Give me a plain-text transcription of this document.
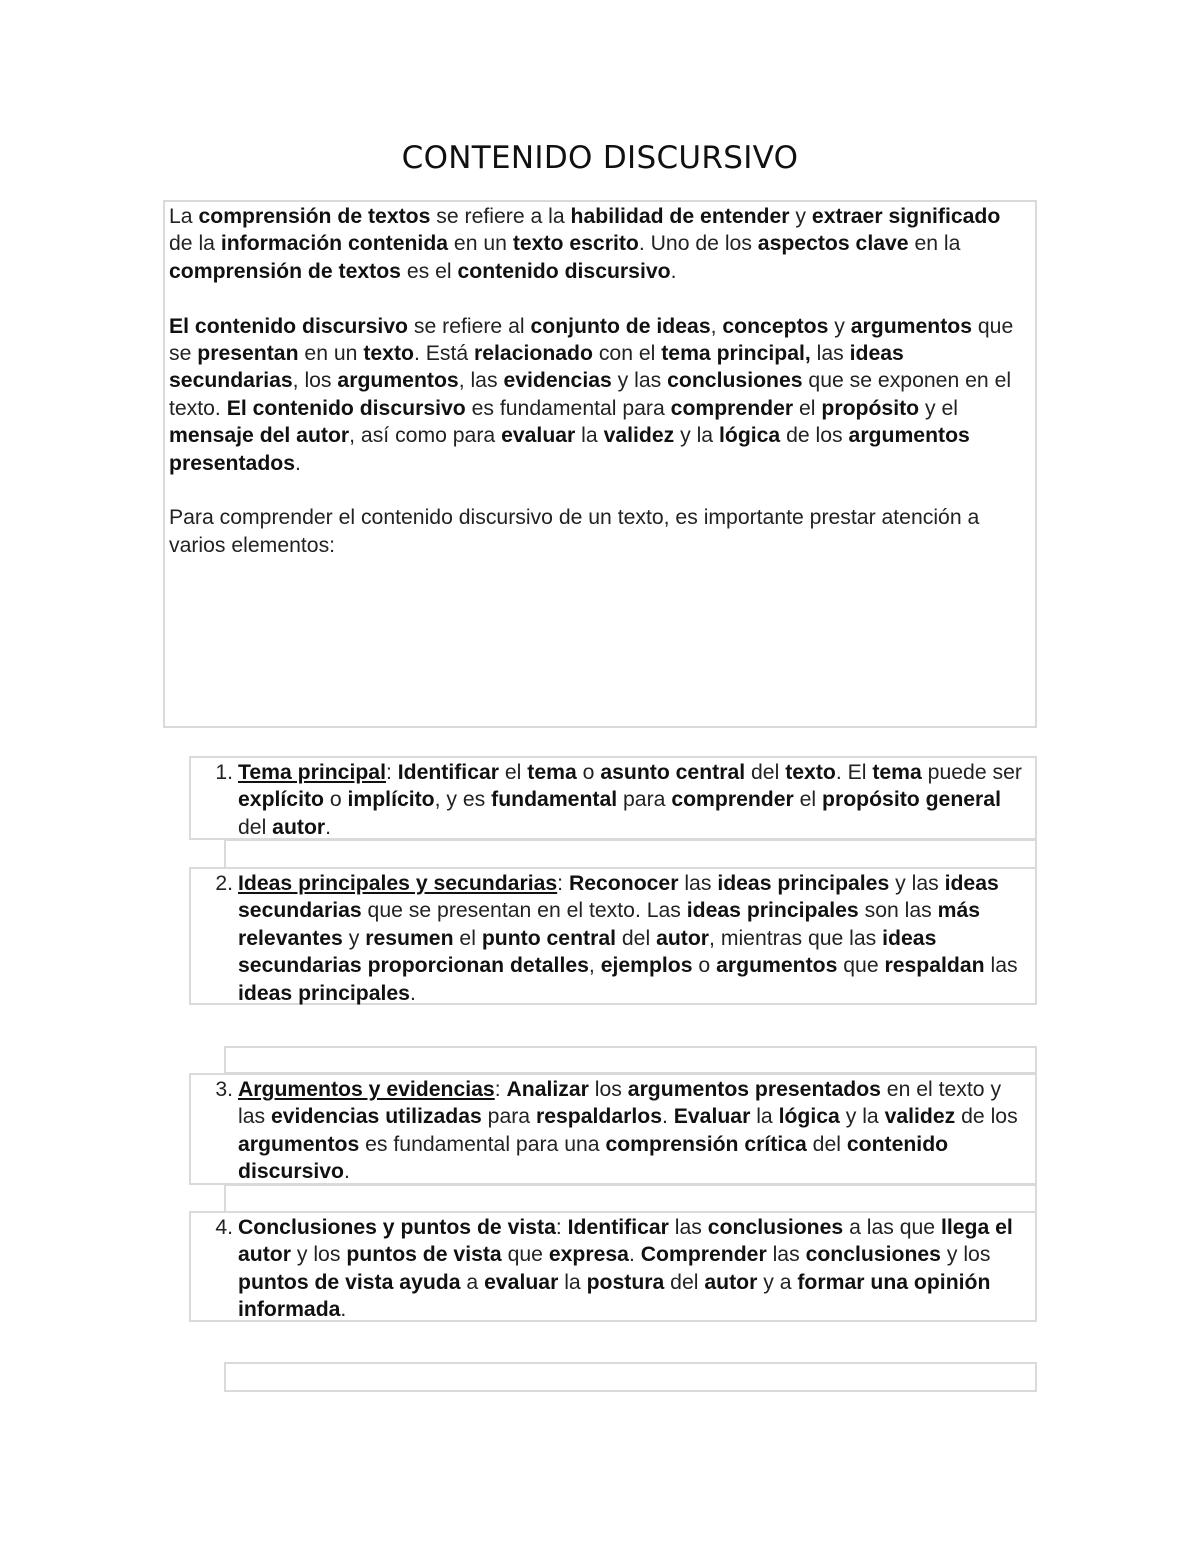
CONTENIDO DISCURSIVO

La comprensión de textos se refiere a la habilidad de entender y extraer significado de la información contenida en un texto escrito. Uno de los aspectos clave en la comprensión de textos es el contenido discursivo.

El contenido discursivo se refiere al conjunto de ideas, conceptos y argumentos que se presentan en un texto. Está relacionado con el tema principal, las ideas secundarias, los argumentos, las evidencias y las conclusiones que se exponen en el texto. El contenido discursivo es fundamental para comprender el propósito y el mensaje del autor, así como para evaluar la validez y la lógica de los argumentos presentados.

Para comprender el contenido discursivo de un texto, es importante prestar atención a varios elementos:

1. Tema principal: Identificar el tema o asunto central del texto. El tema puede ser explícito o implícito, y es fundamental para comprender el propósito general del autor.
2. Ideas principales y secundarias: Reconocer las ideas principales y las ideas secundarias que se presentan en el texto. Las ideas principales son las más relevantes y resumen el punto central del autor, mientras que las ideas secundarias proporcionan detalles, ejemplos o argumentos que respaldan las ideas principales.
3. Argumentos y evidencias: Analizar los argumentos presentados en el texto y las evidencias utilizadas para respaldarlos. Evaluar la lógica y la validez de los argumentos es fundamental para una comprensión crítica del contenido discursivo.
4. Conclusiones y puntos de vista: Identificar las conclusiones a las que llega el autor y los puntos de vista que expresa. Comprender las conclusiones y los puntos de vista ayuda a evaluar la postura del autor y a formar una opinión informada.
